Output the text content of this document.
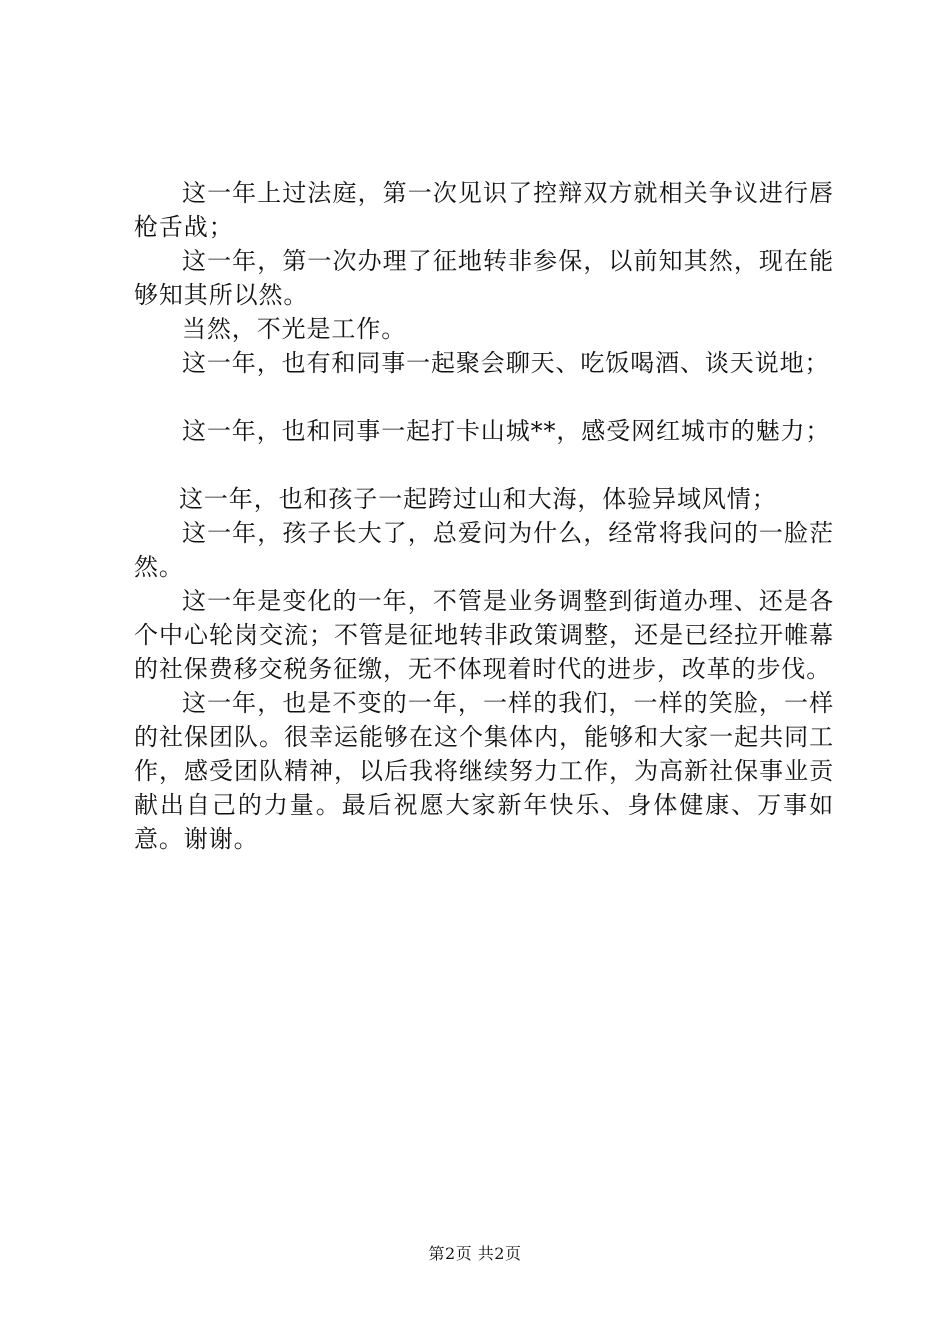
这一年上过法庭，第一次见识了控辩双方就相关争议进行唇枪舌战；

这一年，第一次办理了征地转非参保，以前知其然，现在能够知其所以然。

当然，不光是工作。

这一年，也有和同事一起聚会聊天、吃饭喝酒、谈天说地；

这一年，也和同事一起打卡山城**，感受网红城市的魅力；

这一年，也和孩子一起跨过山和大海，体验异域风情；

这一年，孩子长大了，总爱问为什么，经常将我问的一脸茫然。

这一年是变化的一年，不管是业务调整到街道办理、还是各个中心轮岗交流；不管是征地转非政策调整，还是已经拉开帷幕的社保费移交税务征缴，无不体现着时代的进步，改革的步伐。

这一年，也是不变的一年，一样的我们，一样的笑脸，一样的社保团队。很幸运能够在这个集体内，能够和大家一起共同工作，感受团队精神，以后我将继续努力工作，为高新社保事业贡献出自己的力量。最后祝愿大家新年快乐、身体健康、万事如意。谢谢。

第2页 共2页
